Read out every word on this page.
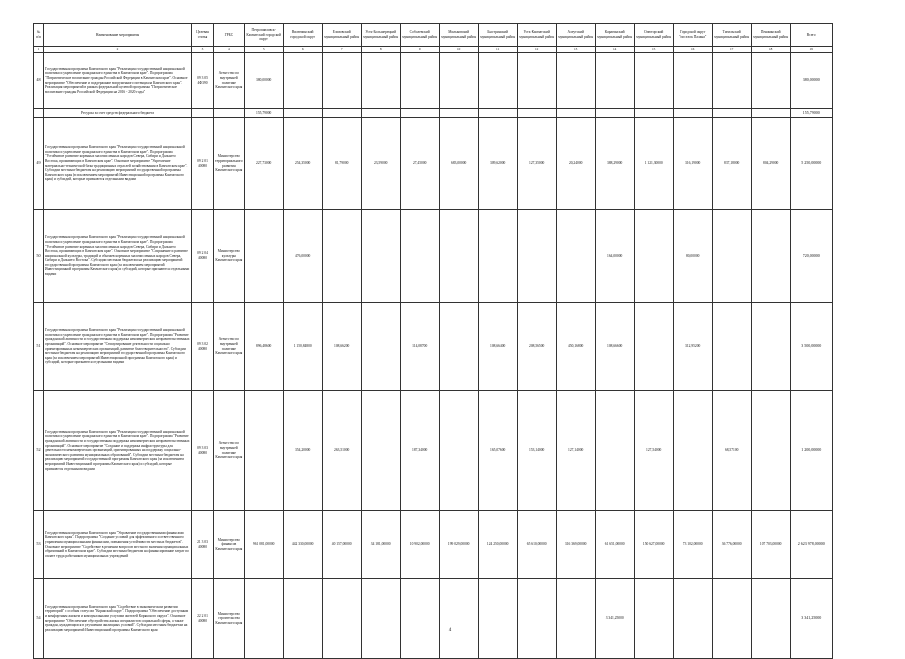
№ п/п	Наименование мероприятия	Целевая статья	ГРБС	Петропавловск-Камчатский городской округ	Вилючинский городской округ	Елизовский муниципальный район	Усть-Большерецкий муниципальный район	Соболевский муниципальный район	Мильковский муниципальный район	Быстринский муниципальный район	Усть-Камчатский муниципальный район	Алеутский муниципальный район	Карагинский муниципальный район	Олюторский муниципальный район	Городской округ "поселок Палана"	Тигильский муниципальный район	Пенжинский муниципальный район	Всего
1	2	3	4	5	6	7	8	9	10	11	12	13	14	15	16	17	18	19
48	Государственная программа Камчатского края "Реализация государственной национальной политики и укрепление гражданского единства в Камчатском крае". Подпрограмма "Патриотическое воспитание граждан Российской Федерации в Камчатском крае". Основное мероприятие "Обеспечение и поддержание вооруженного потенциала Камчатского края". Реализация мероприятий в рамках федеральной целевой программы "Патриотическое воспитание граждан Российской Федерации на 2016 - 2020 годы"	09 3 05 4Ф390	Агентство по внутренней политике Камчатского края	380,00000														380,00000
	Ресурсы за счет средств федерального бюджета			155,79000														155,79000
49	Государственная программа Камчатского края "Реализация государственной национальной политики и укрепление гражданского единства в Камчатском крае". Подпрограмма "Устойчивое развитие коренных малочисленных народов Севера, Сибири и Дальнего Востока, проживающих в Камчатском крае". Основное мероприятие "Укрепление материально-технической базы традиционных отраслей хозяйствования в Камчатском крае". Субсидии местным бюджетам на реализацию мероприятий государственной программы Камчатского края (в исключением мероприятий Инвестиционной программы Камчатского края) и субсидий, которые признаются отдельными видами	09 2 01 40080	Министерство территориального развития Камчатского края	227,73000	254,35000	81,79000	23,59000	27,45000	683,00000	309,62000	127,35000	20,24000	388,29000	1 121,30000	316,19000	837,18000	804,29000	5 250,00000
50	Государственная программа Камчатского края "Реализация государственной национальной политики и укрепление гражданского единства в Камчатском крае". Подпрограмма "Устойчивое развитие коренных малочисленных народов Севера, Сибири и Дальнего Востока, проживающих в Камчатском крае". Основное мероприятие "Сохранение и развитие национальной культуры, традиций и обычаев коренных малочисленных народов Севера, Сибири и Дальнего Востока". Субсидии местным бюджетам на реализацию мероприятий государственной программы Камчатского края (за исключением мероприятий Инвестиционной программы Камчатского края) и субсидий, которые признаются отдельными видами	09 2 04 40080	Министерство культуры Камчатского края		476,00000								164,00000		80,00000			720,00000
51	Государственная программа Камчатского края "Реализация государственной национальной политики и укрепление гражданского единства в Камчатском крае". Подпрограмма "Развитие гражданской активности и государственная поддержка некоммерческих неправительственных организаций". Основное мероприятие "Стимулирование деятельности социально ориентированных некоммерческих организаций, развитие благотворительности". Субсидии местным бюджетам на реализацию мероприятий государственной программы Камчатского края (за исключением мероприятий Инвестиционной программы Камчатского края) и субсидий, которые признаются отдельными видами	09 3 02 40080	Агентство по внутренней политике Камчатского края	896,48600	1 150,84800	108,66200		114,08700		108,66400	208,56500	450,16800	108,66600		312,95200			3 500,00000
52	Государственная программа Камчатского края "Реализация государственной национальной политики и укрепление гражданского единства в Камчатском крае". Подпрограмма "Развитие гражданской активности и государственная поддержка некоммерческих неправительственных организаций". Основное мероприятие "Создание и поддержка инфраструктуры для деятельности некоммерческих организаций, ориентированных на поддержку социально-экономического развития муниципальных образований". Субсидии местным бюджетам на реализацию мероприятий государственной программы Камчатского края (за исключением мероприятий Инвестиционной программы Камчатского края) и субсидий, которые признаются отдельными видами	09 3 03 40080	Агентство по внутренней политике Камчатского края		354,20000	263,51000		187,34000		165,07600	153,14000	127,14000		127,54000		68,57100		1 200,00000
53	Государственная программа Камчатского края "Управление государственными финансами Камчатского края". Подпрограмма "Создание условий для эффективного и ответственного управления муниципальными финансами, повышения устойчивости местных бюджетов". Основное мероприятие "Содействие в решении вопросов местного значения муниципальных образований в Камчатском крае". Субсидии местным бюджетам на финансирование затрат по оплате труда работников муниципальных учреждений	21 3 03 40080	Министерство финансов Камчатского края	961 081,00000	442 330,00000	40 157,00000	34 181,00000	10 902,00000	199 029,00000	124 250,00000	65 610,00000	316 369,00000	61 651,00000	150 627,00000	73 102,00000	36 776,00000	107 703,00000	2 623 978,00000
54	Государственная программа Камчатского края "Содействие в экономическом развитии территорий" с особым статусом "Корякский округ". Подпрограмма "Обеспечение доступным и комфортным жильем и коммунальными услугами жителей Корякского округа". Основное мероприятие "Обеспечение обустройства жилья специалистов социальной сферы, а также граждан, нуждающихся в улучшении жилищных условий". Субсидии местным бюджетам на реализацию мероприятий Инвестиционной программы Камчатского края	22 2 01 40080	Министерство строительства Камчатского края										3 341,25000					3 341,25000
4
